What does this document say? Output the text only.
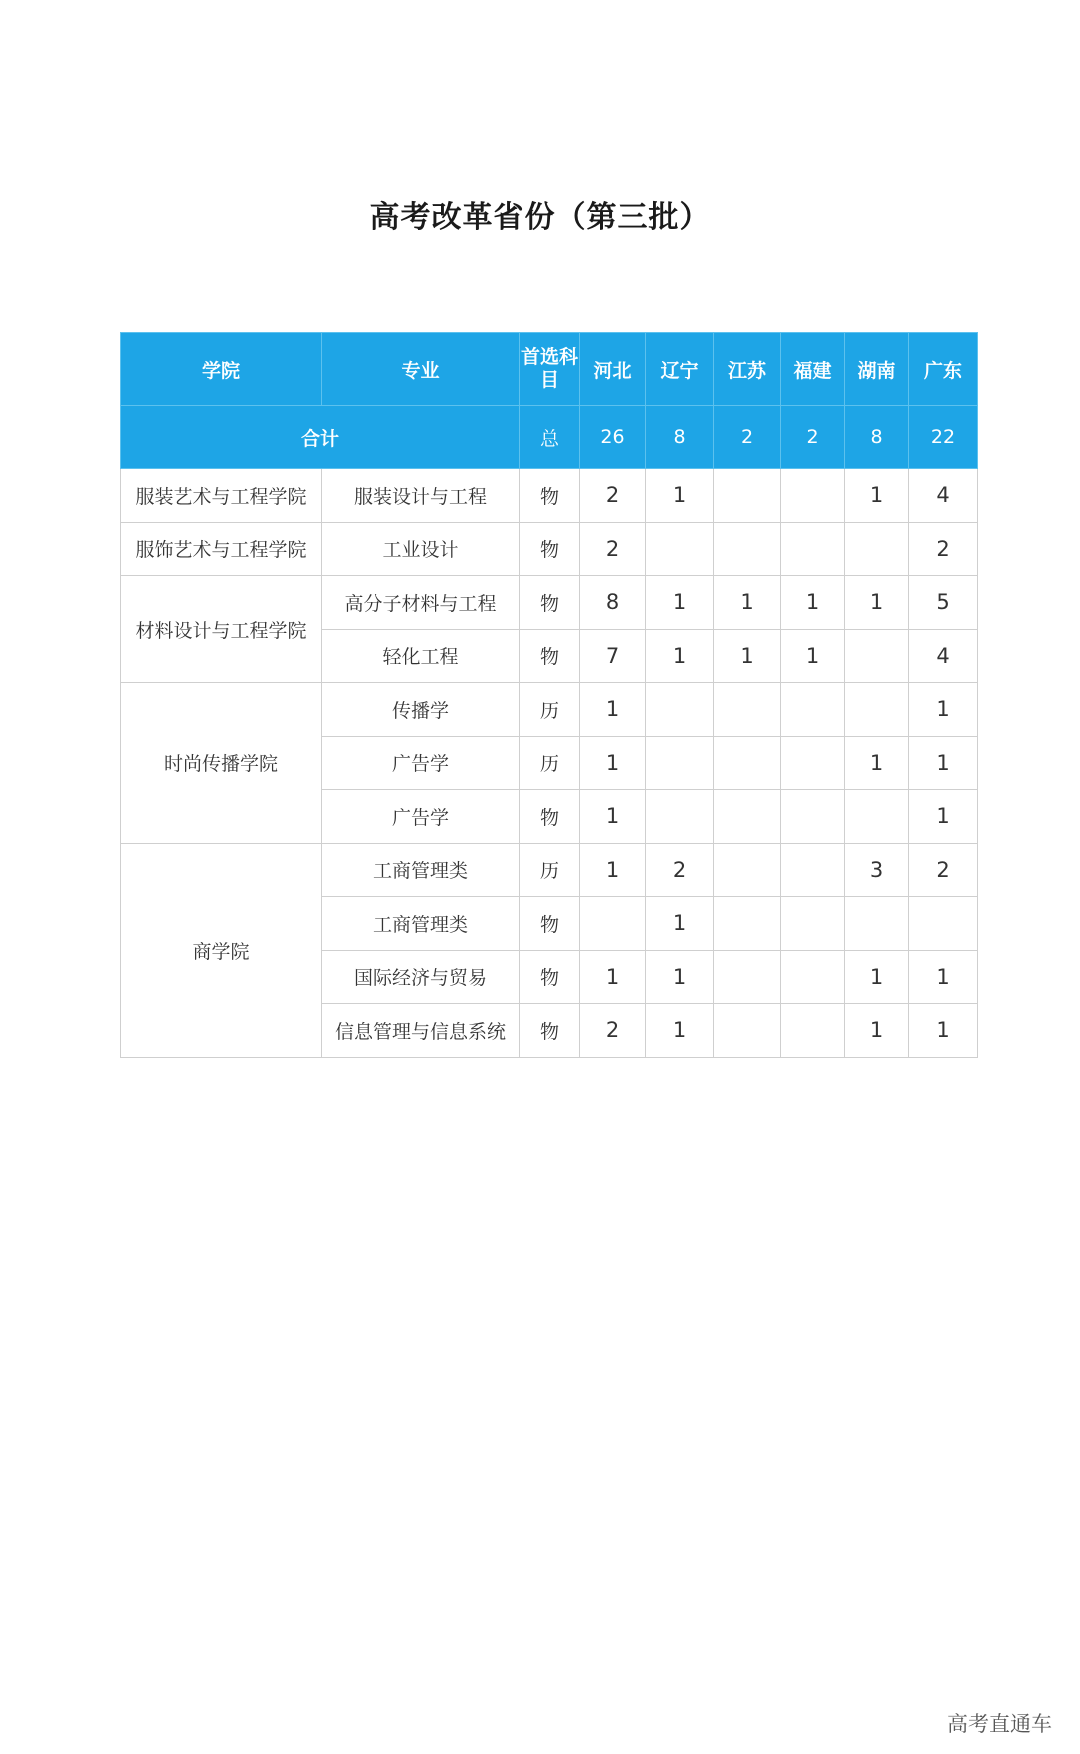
高考改革省份（第三批）
学院	专业	首选科目	河北	辽宁	江苏	福建	湖南	广东
合计		总	26	8	2	2	8	22
服装艺术与工程学院	服装设计与工程	物	2	1			1	4
服饰艺术与工程学院	工业设计	物	2					2
材料设计与工程学院	高分子材料与工程	物	8	1	1	1	1	5
	轻化工程	物	7	1	1	1		4
时尚传播学院	传播学	历	1					1
	广告学	历	1				1	1
	广告学	物	1					1
商学院	工商管理类	历	1	2			3	2
	工商管理类	物		1				
	国际经济与贸易	物	1	1			1	1
	信息管理与信息系统	物	2	1			1	1
高考直通车
